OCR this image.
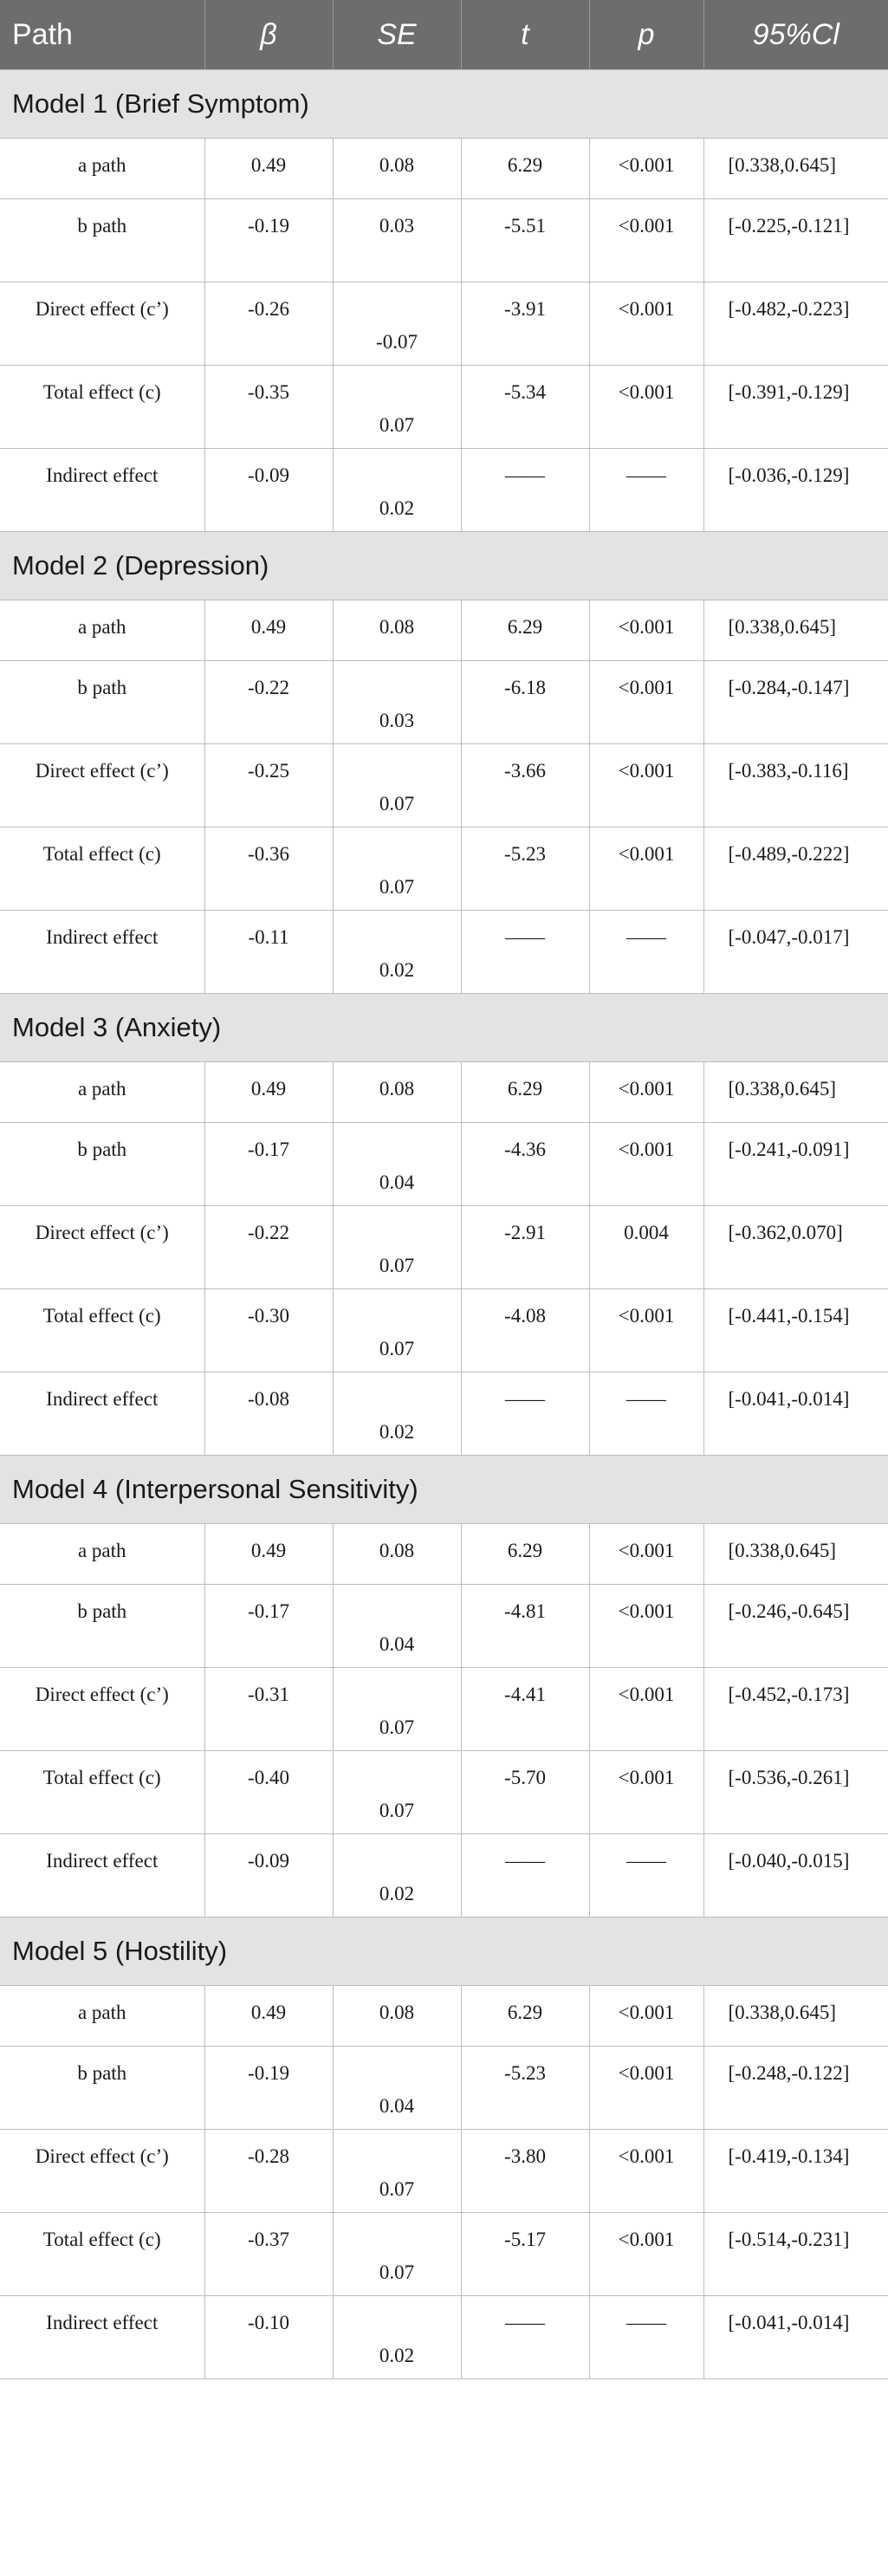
Path	β	SE	t	p	95%Cl
Model 1 (Brief Symptom)					
a path	0.49	0.08	6.29	<0.001	[0.338,0.645]
b path	-0.19	0.03	-5.51	<0.001	[-0.225,-0.121]
Direct effect (c’)	-0.26	-0.07	-3.91	<0.001	[-0.482,-0.223]
Total effect (c)	-0.35	0.07	-5.34	<0.001	[-0.391,-0.129]
Indirect effect	-0.09	0.02	——	——	[-0.036,-0.129]
Model 2 (Depression)					
a path	0.49	0.08	6.29	<0.001	[0.338,0.645]
b path	-0.22	0.03	-6.18	<0.001	[-0.284,-0.147]
Direct effect (c’)	-0.25	0.07	-3.66	<0.001	[-0.383,-0.116]
Total effect (c)	-0.36	0.07	-5.23	<0.001	[-0.489,-0.222]
Indirect effect	-0.11	0.02	——	——	[-0.047,-0.017]
Model 3 (Anxiety)					
a path	0.49	0.08	6.29	<0.001	[0.338,0.645]
b path	-0.17	0.04	-4.36	<0.001	[-0.241,-0.091]
Direct effect (c’)	-0.22	0.07	-2.91	0.004	[-0.362,0.070]
Total effect (c)	-0.30	0.07	-4.08	<0.001	[-0.441,-0.154]
Indirect effect	-0.08	0.02	——	——	[-0.041,-0.014]
Model 4 (Interpersonal Sensitivity)					
a path	0.49	0.08	6.29	<0.001	[0.338,0.645]
b path	-0.17	0.04	-4.81	<0.001	[-0.246,-0.645]
Direct effect (c’)	-0.31	0.07	-4.41	<0.001	[-0.452,-0.173]
Total effect (c)	-0.40	0.07	-5.70	<0.001	[-0.536,-0.261]
Indirect effect	-0.09	0.02	——	——	[-0.040,-0.015]
Model 5 (Hostility)					
a path	0.49	0.08	6.29	<0.001	[0.338,0.645]
b path	-0.19	0.04	-5.23	<0.001	[-0.248,-0.122]
Direct effect (c’)	-0.28	0.07	-3.80	<0.001	[-0.419,-0.134]
Total effect (c)	-0.37	0.07	-5.17	<0.001	[-0.514,-0.231]
Indirect effect	-0.10	0.02	——	——	[-0.041,-0.014]
